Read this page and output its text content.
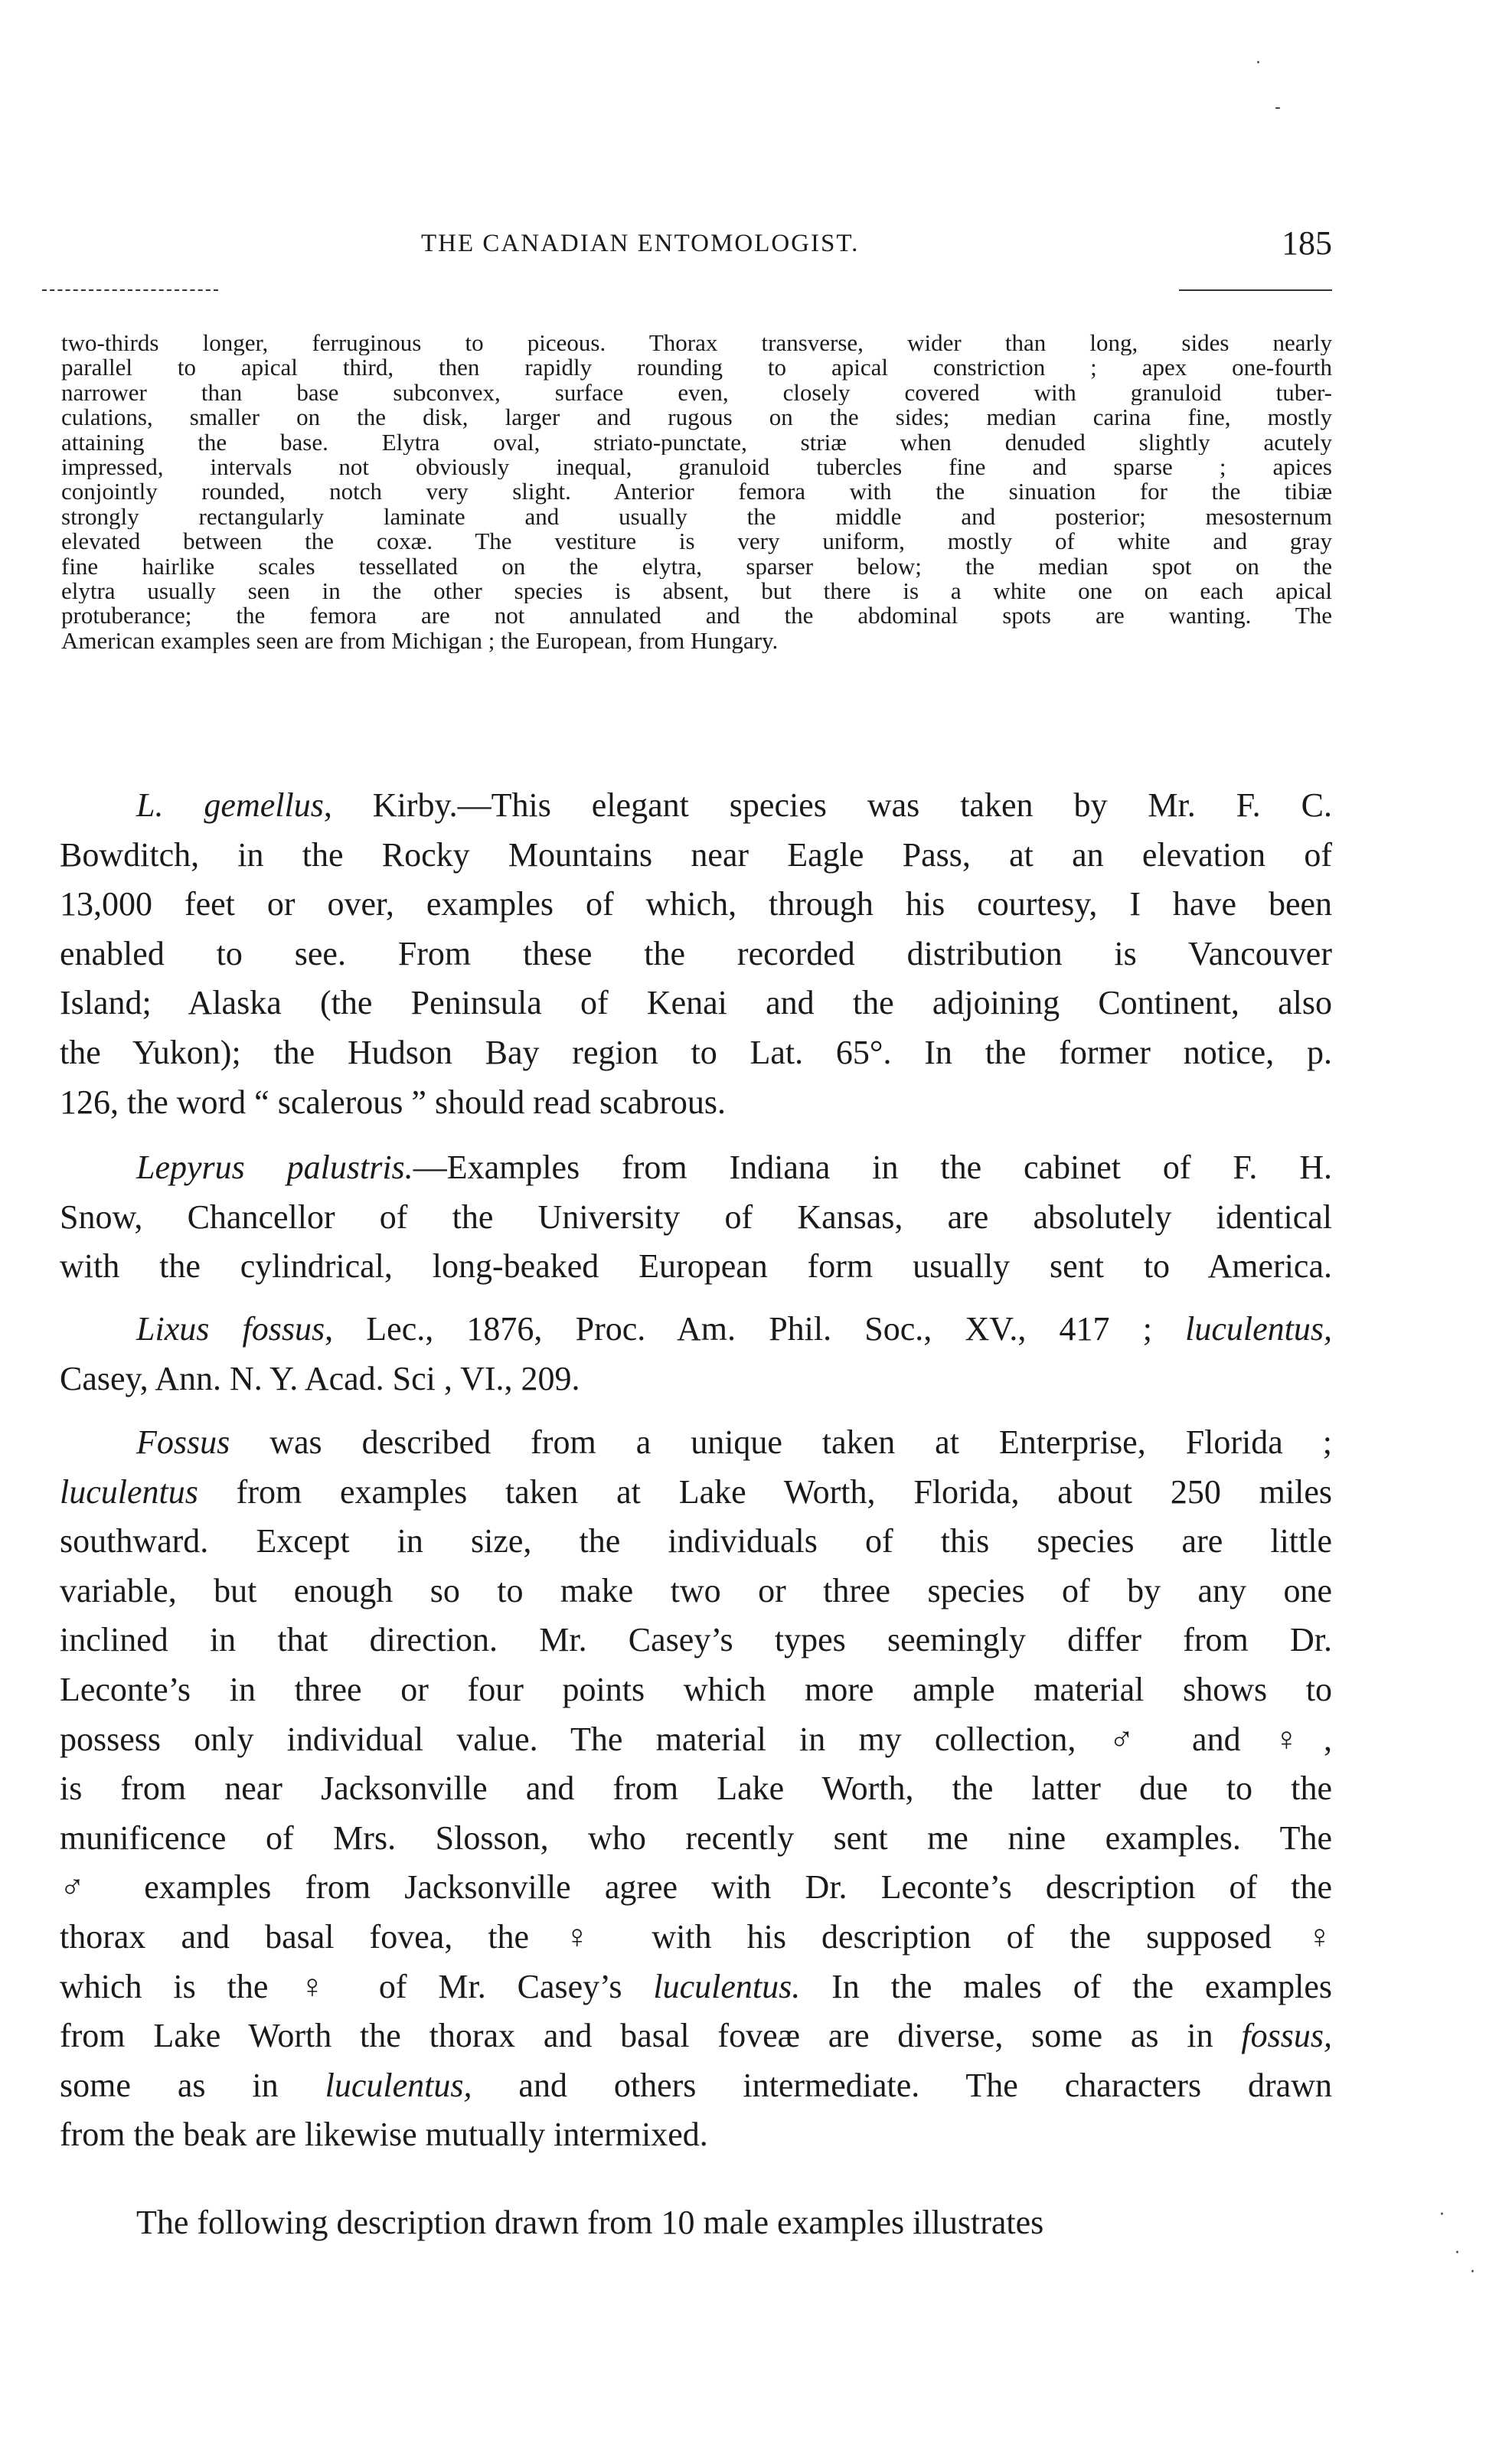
THE CANADIAN ENTOMOLOGIST.	185
two-thirds longer, ferruginous to piceous. Thorax transverse, wider than long, sides nearly
parallel to apical third, then rapidly rounding to apical constriction ; apex one-fourth
narrower than base subconvex, surface even, closely covered with granuloid tuber-
culations, smaller on the disk, larger and rugous on the sides; median carina fine, mostly
attaining the base. Elytra oval, striato-punctate, striæ when denuded slightly acutely
impressed, intervals not obviously inequal, granuloid tubercles fine and sparse ; apices
conjointly rounded, notch very slight. Anterior femora with the sinuation for the tibiæ
strongly rectangularly laminate and usually the middle and posterior; mesosternum
elevated between the coxæ. The vestiture is very uniform, mostly of white and gray
fine hairlike scales tessellated on the elytra, sparser below; the median spot on the
elytra usually seen in the other species is absent, but there is a white one on each apical
protuberance; the femora are not annulated and the abdominal spots are wanting. The
American examples seen are from Michigan ; the European, from Hungary.
L. gemellus, Kirby.—This elegant species was taken by Mr. F. C.
Bowditch, in the Rocky Mountains near Eagle Pass, at an elevation of
13,000 feet or over, examples of which, through his courtesy, I have been
enabled to see. From these the recorded distribution is Vancouver
Island; Alaska (the Peninsula of Kenai and the adjoining Continent, also
the Yukon); the Hudson Bay region to Lat. 65°. In the former notice, p.
126, the word “ scalerous ” should read scabrous.
Lepyrus palustris.—Examples from Indiana in the cabinet of F. H.
Snow, Chancellor of the University of Kansas, are absolutely identical
with the cylindrical, long-beaked European form usually sent to America.
Lixus fossus, Lec., 1876, Proc. Am. Phil. Soc., XV., 417 ; luculentus,
Casey, Ann. N. Y. Acad. Sci , VI., 209.
Fossus was described from a unique taken at Enterprise, Florida ;
luculentus from examples taken at Lake Worth, Florida, about 250 miles
southward. Except in size, the individuals of this species are little
variable, but enough so to make two or three species of by any one
inclined in that direction. Mr. Casey’s types seemingly differ from Dr.
Leconte’s in three or four points which more ample material shows to
possess only individual value. The material in my collection, ♂ and ♀,
is from near Jacksonville and from Lake Worth, the latter due to the
munificence of Mrs. Slosson, who recently sent me nine examples. The
♂ examples from Jacksonville agree with Dr. Leconte’s description of the
thorax and basal fovea, the ♀ with his description of the supposed ♀
which is the ♀ of Mr. Casey’s luculentus. In the males of the examples
from Lake Worth the thorax and basal foveæ are diverse, some as in fossus,
some as in luculentus, and others intermediate. The characters drawn
from the beak are likewise mutually intermixed.
The following description drawn from 10 male examples illustrates
·
-
·
·
·
